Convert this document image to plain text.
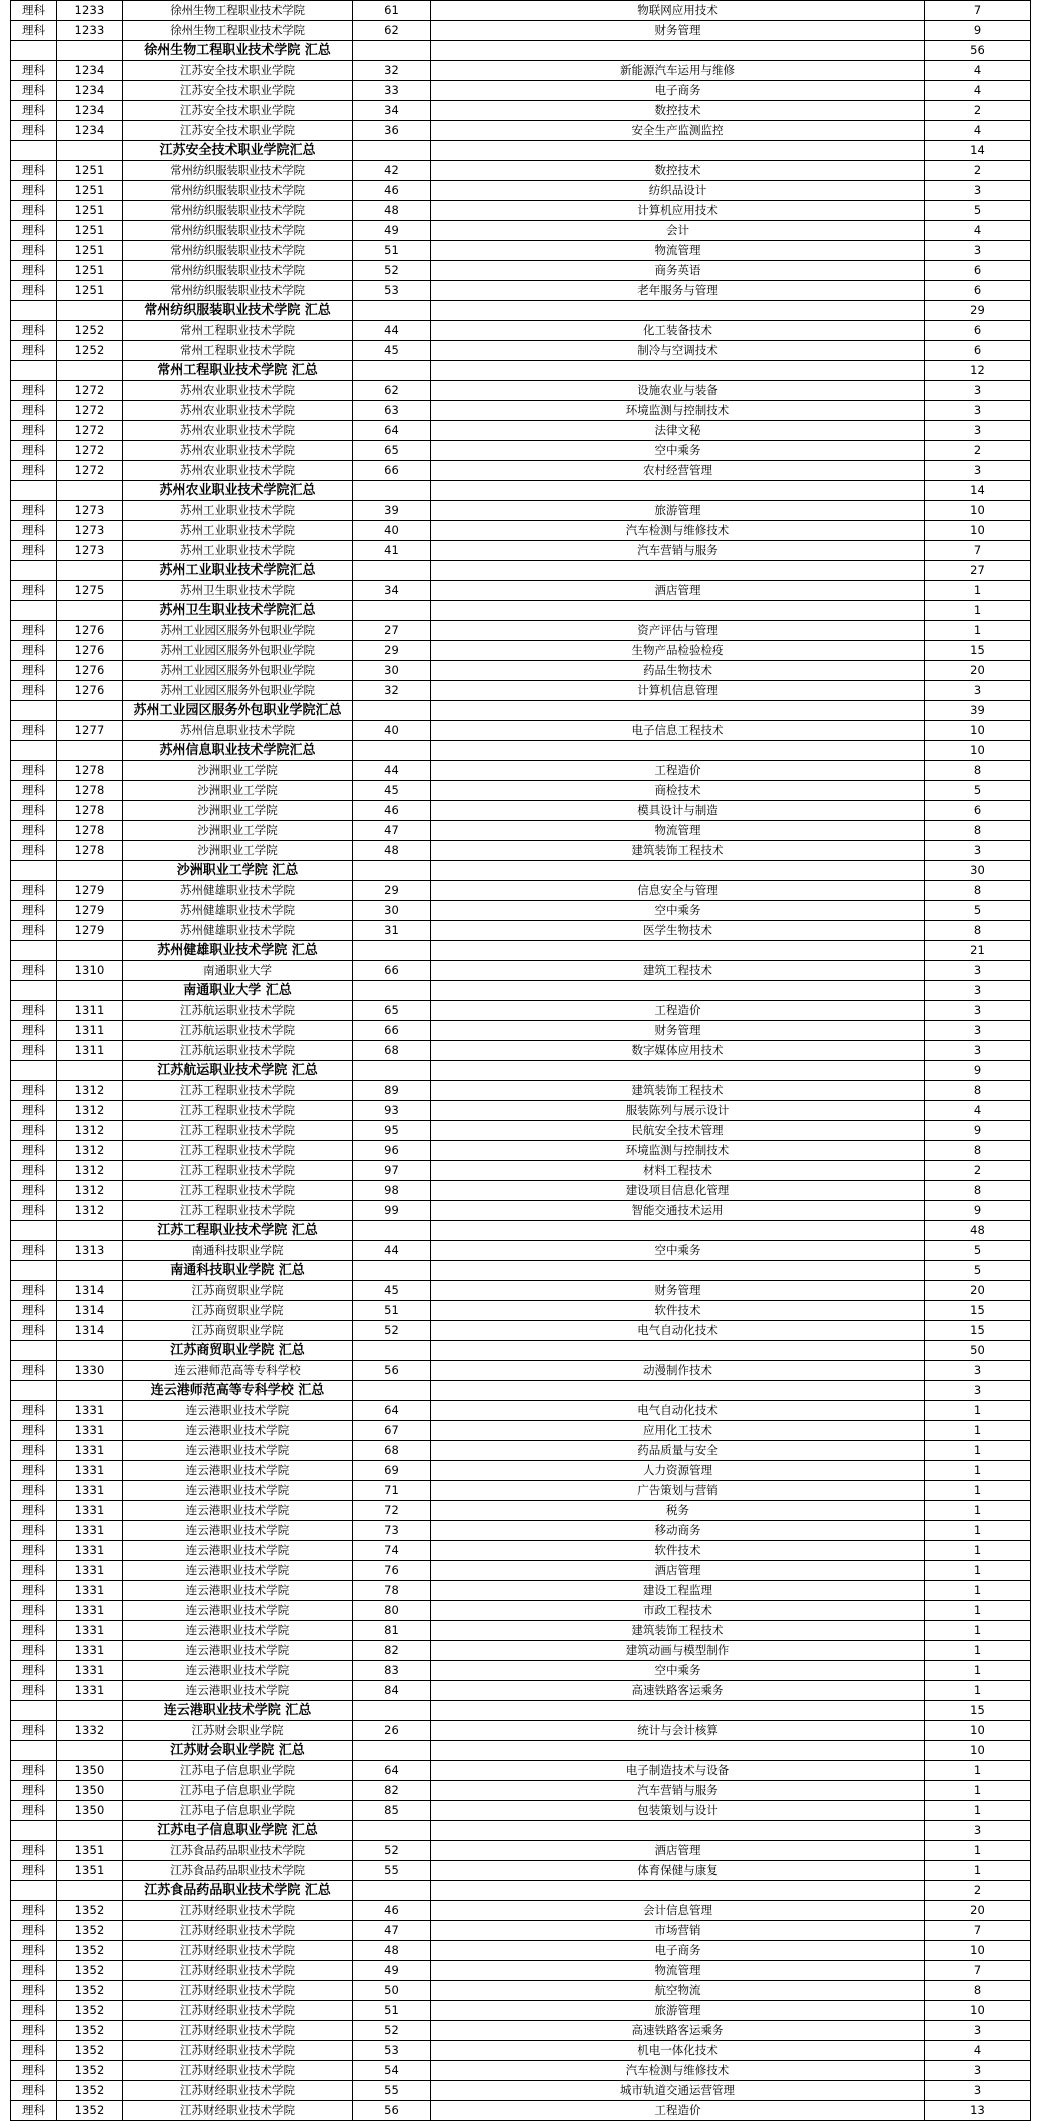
理科	1233	徐州生物工程职业技术学院	61	物联网应用技术	7
理科	1233	徐州生物工程职业技术学院	62	财务管理	9
		徐州生物工程职业技术学院 汇总			56
理科	1234	江苏安全技术职业学院	32	新能源汽车运用与维修	4
理科	1234	江苏安全技术职业学院	33	电子商务	4
理科	1234	江苏安全技术职业学院	34	数控技术	2
理科	1234	江苏安全技术职业学院	36	安全生产监测监控	4
		江苏安全技术职业学院汇总			14
理科	1251	常州纺织服装职业技术学院	42	数控技术	2
理科	1251	常州纺织服装职业技术学院	46	纺织品设计	3
理科	1251	常州纺织服装职业技术学院	48	计算机应用技术	5
理科	1251	常州纺织服装职业技术学院	49	会计	4
理科	1251	常州纺织服装职业技术学院	51	物流管理	3
理科	1251	常州纺织服装职业技术学院	52	商务英语	6
理科	1251	常州纺织服装职业技术学院	53	老年服务与管理	6
		常州纺织服装职业技术学院 汇总			29
理科	1252	常州工程职业技术学院	44	化工装备技术	6
理科	1252	常州工程职业技术学院	45	制冷与空调技术	6
		常州工程职业技术学院 汇总			12
理科	1272	苏州农业职业技术学院	62	设施农业与装备	3
理科	1272	苏州农业职业技术学院	63	环境监测与控制技术	3
理科	1272	苏州农业职业技术学院	64	法律文秘	3
理科	1272	苏州农业职业技术学院	65	空中乘务	2
理科	1272	苏州农业职业技术学院	66	农村经营管理	3
		苏州农业职业技术学院汇总			14
理科	1273	苏州工业职业技术学院	39	旅游管理	10
理科	1273	苏州工业职业技术学院	40	汽车检测与维修技术	10
理科	1273	苏州工业职业技术学院	41	汽车营销与服务	7
		苏州工业职业技术学院汇总			27
理科	1275	苏州卫生职业技术学院	34	酒店管理	1
		苏州卫生职业技术学院汇总			1
理科	1276	苏州工业园区服务外包职业学院	27	资产评估与管理	1
理科	1276	苏州工业园区服务外包职业学院	29	生物产品检验检疫	15
理科	1276	苏州工业园区服务外包职业学院	30	药品生物技术	20
理科	1276	苏州工业园区服务外包职业学院	32	计算机信息管理	3
		苏州工业园区服务外包职业学院汇总			39
理科	1277	苏州信息职业技术学院	40	电子信息工程技术	10
		苏州信息职业技术学院汇总			10
理科	1278	沙洲职业工学院	44	工程造价	8
理科	1278	沙洲职业工学院	45	商检技术	5
理科	1278	沙洲职业工学院	46	模具设计与制造	6
理科	1278	沙洲职业工学院	47	物流管理	8
理科	1278	沙洲职业工学院	48	建筑装饰工程技术	3
		沙洲职业工学院 汇总			30
理科	1279	苏州健雄职业技术学院	29	信息安全与管理	8
理科	1279	苏州健雄职业技术学院	30	空中乘务	5
理科	1279	苏州健雄职业技术学院	31	医学生物技术	8
		苏州健雄职业技术学院 汇总			21
理科	1310	南通职业大学	66	建筑工程技术	3
		南通职业大学 汇总			3
理科	1311	江苏航运职业技术学院	65	工程造价	3
理科	1311	江苏航运职业技术学院	66	财务管理	3
理科	1311	江苏航运职业技术学院	68	数字媒体应用技术	3
		江苏航运职业技术学院 汇总			9
理科	1312	江苏工程职业技术学院	89	建筑装饰工程技术	8
理科	1312	江苏工程职业技术学院	93	服装陈列与展示设计	4
理科	1312	江苏工程职业技术学院	95	民航安全技术管理	9
理科	1312	江苏工程职业技术学院	96	环境监测与控制技术	8
理科	1312	江苏工程职业技术学院	97	材料工程技术	2
理科	1312	江苏工程职业技术学院	98	建设项目信息化管理	8
理科	1312	江苏工程职业技术学院	99	智能交通技术运用	9
		江苏工程职业技术学院 汇总			48
理科	1313	南通科技职业学院	44	空中乘务	5
		南通科技职业学院 汇总			5
理科	1314	江苏商贸职业学院	45	财务管理	20
理科	1314	江苏商贸职业学院	51	软件技术	15
理科	1314	江苏商贸职业学院	52	电气自动化技术	15
		江苏商贸职业学院 汇总			50
理科	1330	连云港师范高等专科学校	56	动漫制作技术	3
		连云港师范高等专科学校 汇总			3
理科	1331	连云港职业技术学院	64	电气自动化技术	1
理科	1331	连云港职业技术学院	67	应用化工技术	1
理科	1331	连云港职业技术学院	68	药品质量与安全	1
理科	1331	连云港职业技术学院	69	人力资源管理	1
理科	1331	连云港职业技术学院	71	广告策划与营销	1
理科	1331	连云港职业技术学院	72	税务	1
理科	1331	连云港职业技术学院	73	移动商务	1
理科	1331	连云港职业技术学院	74	软件技术	1
理科	1331	连云港职业技术学院	76	酒店管理	1
理科	1331	连云港职业技术学院	78	建设工程监理	1
理科	1331	连云港职业技术学院	80	市政工程技术	1
理科	1331	连云港职业技术学院	81	建筑装饰工程技术	1
理科	1331	连云港职业技术学院	82	建筑动画与模型制作	1
理科	1331	连云港职业技术学院	83	空中乘务	1
理科	1331	连云港职业技术学院	84	高速铁路客运乘务	1
		连云港职业技术学院 汇总			15
理科	1332	江苏财会职业学院	26	统计与会计核算	10
		江苏财会职业学院 汇总			10
理科	1350	江苏电子信息职业学院	64	电子制造技术与设备	1
理科	1350	江苏电子信息职业学院	82	汽车营销与服务	1
理科	1350	江苏电子信息职业学院	85	包装策划与设计	1
		江苏电子信息职业学院 汇总			3
理科	1351	江苏食品药品职业技术学院	52	酒店管理	1
理科	1351	江苏食品药品职业技术学院	55	体育保健与康复	1
		江苏食品药品职业技术学院 汇总			2
理科	1352	江苏财经职业技术学院	46	会计信息管理	20
理科	1352	江苏财经职业技术学院	47	市场营销	7
理科	1352	江苏财经职业技术学院	48	电子商务	10
理科	1352	江苏财经职业技术学院	49	物流管理	7
理科	1352	江苏财经职业技术学院	50	航空物流	8
理科	1352	江苏财经职业技术学院	51	旅游管理	10
理科	1352	江苏财经职业技术学院	52	高速铁路客运乘务	3
理科	1352	江苏财经职业技术学院	53	机电一体化技术	4
理科	1352	江苏财经职业技术学院	54	汽车检测与维修技术	3
理科	1352	江苏财经职业技术学院	55	城市轨道交通运营管理	3
理科	1352	江苏财经职业技术学院	56	工程造价	13
